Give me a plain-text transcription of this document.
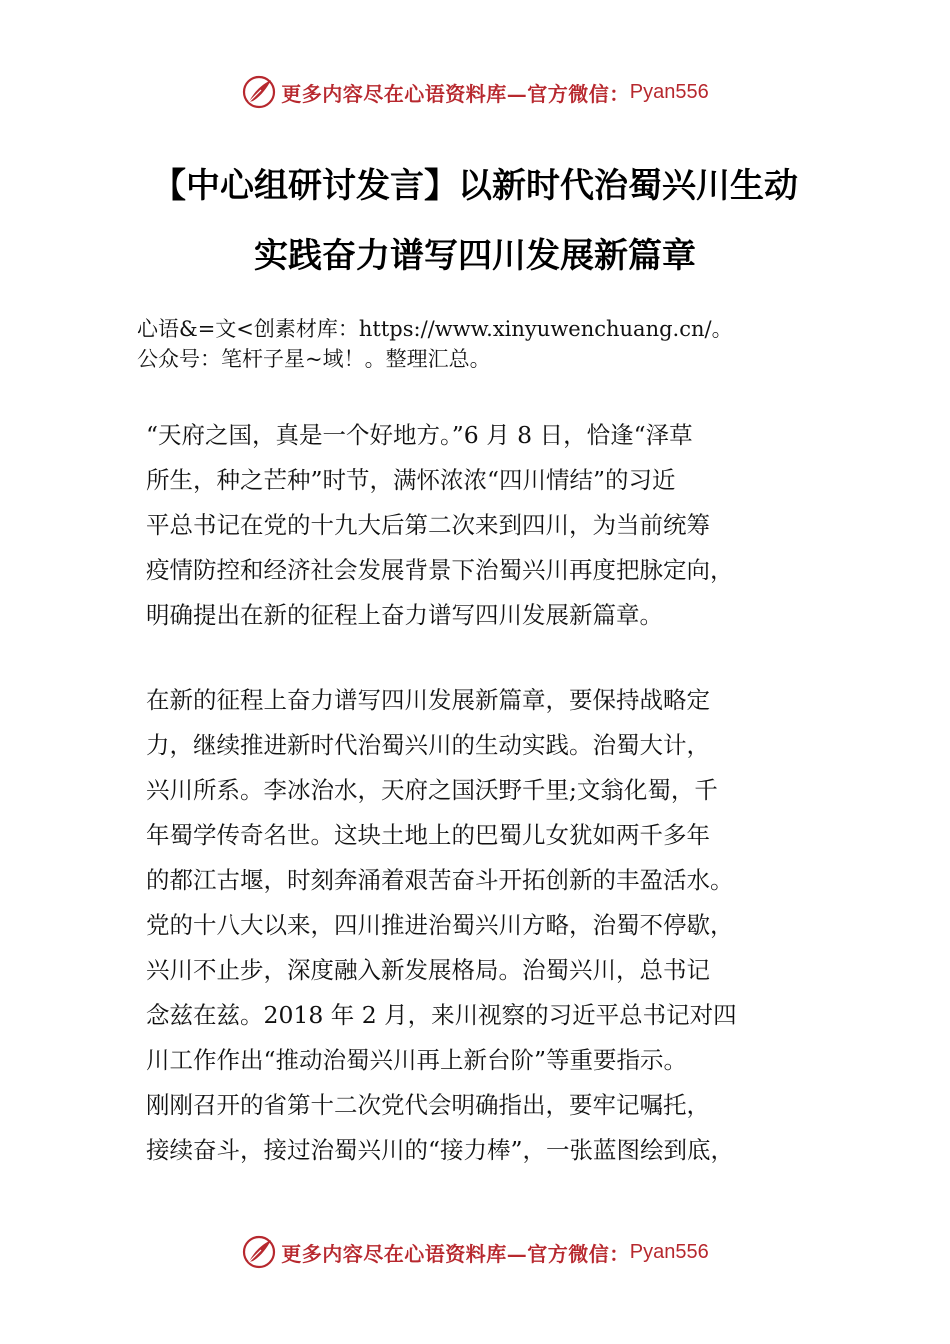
更多内容尽在心语资料库—官方微信： Pyan556
【中心组研讨发言】以新时代治蜀兴川生动
实践奋力谱写四川发展新篇章
心语&=文<创素材库：https://www.xinyuwenchuang.cn/。
公众号：笔杆子星~域！。整理汇总。
“天府之国，真是一个好地方。”6 月 8 日，恰逢“泽草
所生，种之芒种”时节，满怀浓浓“四川情结”的习近
平总书记在党的十九大后第二次来到四川，为当前统筹
疫情防控和经济社会发展背景下治蜀兴川再度把脉定向，
明确提出在新的征程上奋力谱写四川发展新篇章。
在新的征程上奋力谱写四川发展新篇章，要保持战略定
力，继续推进新时代治蜀兴川的生动实践。治蜀大计，
兴川所系。李冰治水，天府之国沃野千里;文翁化蜀，千
年蜀学传奇名世。这块土地上的巴蜀儿女犹如两千多年
的都江古堰，时刻奔涌着艰苦奋斗开拓创新的丰盈活水。
党的十八大以来，四川推进治蜀兴川方略，治蜀不停歇，
兴川不止步，深度融入新发展格局。治蜀兴川，总书记
念兹在兹。2018 年 2 月，来川视察的习近平总书记对四
川工作作出“推动治蜀兴川再上新台阶”等重要指示。
刚刚召开的省第十二次党代会明确指出，要牢记嘱托，
接续奋斗，接过治蜀兴川的“接力棒”，一张蓝图绘到底，
更多内容尽在心语资料库—官方微信： Pyan556
